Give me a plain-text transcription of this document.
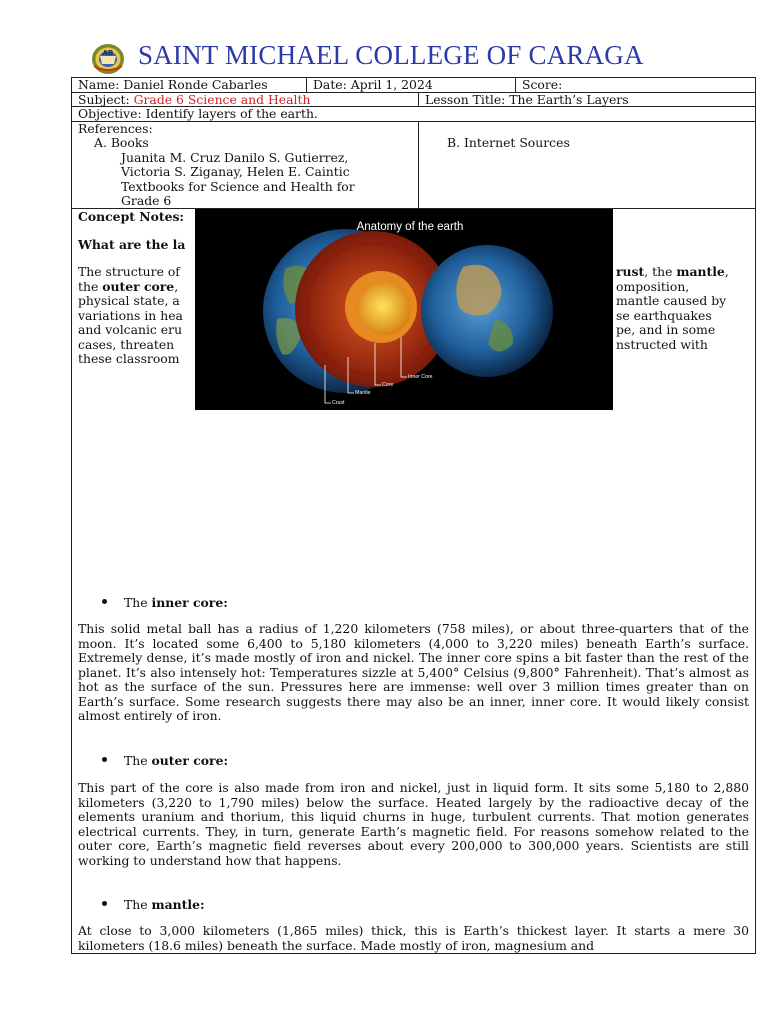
AB SAINT MICHAEL COLLEGE OF CARAGA
Name: Daniel Ronde Cabarles	Date: April 1, 2024	Score:
Subject: Grade 6 Science and Health	Lesson Title: The Earth’s Layers
Objective: Identify layers of the earth.
References:
A. Books
Juanita M. Cruz Danilo S. Gutierrez,
Victoria S. Ziganay, Helen E. Caintic
Textbooks for Science and Health for
Grade 6
B. Internet Sources
Concept Notes:
What are the la
The structure of
the outer core,
physical state, a
variations in hea
and volcanic eru
cases, threaten
these classroom
rust, the mantle,
omposition,
mantle caused by
se earthquakes
pe, and in some
nstructed with
The inner core:
This solid metal ball has a radius of 1,220 kilometers (758 miles), or about three-quarters that of the moon. It’s located some 6,400 to 5,180 kilometers (4,000 to 3,220 miles) beneath Earth’s surface. Extremely dense, it’s made mostly of iron and nickel. The inner core spins a bit faster than the rest of the planet. It’s also intensely hot: Temperatures sizzle at 5,400° Celsius (9,800° Fahrenheit). That’s almost as hot as the surface of the sun. Pressures here are immense: well over 3 million times greater than on Earth’s surface. Some research suggests there may also be an inner, inner core. It would likely consist almost entirely of iron.
The outer core:
This part of the core is also made from iron and nickel, just in liquid form. It sits some 5,180 to 2,880 kilometers (3,220 to 1,790 miles) below the surface. Heated largely by the radioactive decay of the elements uranium and thorium, this liquid churns in huge, turbulent currents. That motion generates electrical currents. They, in turn, generate Earth’s magnetic field. For reasons somehow related to the outer core, Earth’s magnetic field reverses about every 200,000 to 300,000 years. Scientists are still working to understand how that happens.
The mantle:
At close to 3,000 kilometers (1,865 miles) thick, this is Earth’s thickest layer. It starts a mere 30 kilometers (18.6 miles) beneath the surface. Made mostly of iron, magnesium and
Anatomy of the earth
Inner Core
Core
Mantle
Crust
